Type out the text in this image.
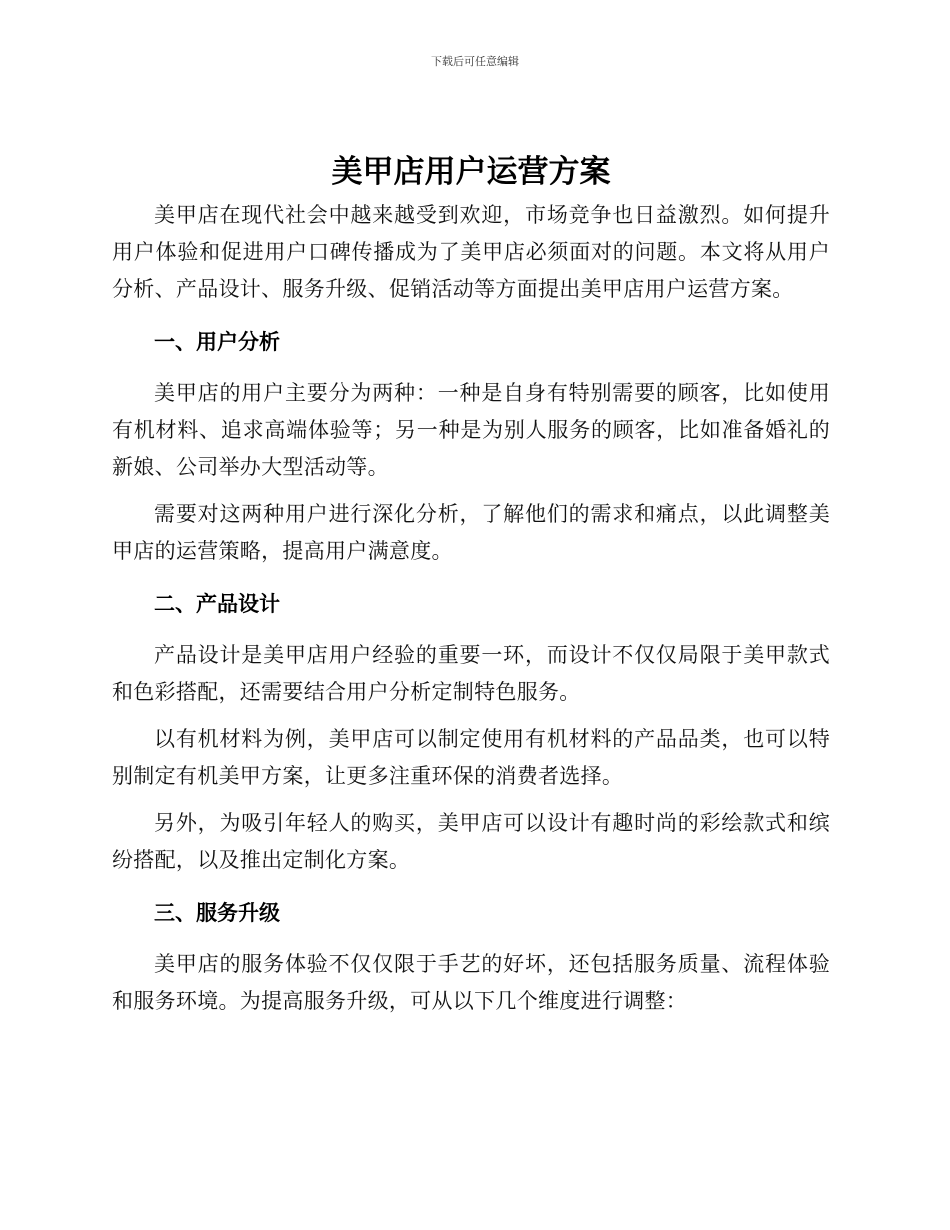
下载后可任意编辑
美甲店用户运营方案

美甲店在现代社会中越来越受到欢迎，市场竞争也日益激烈。如何提升用户体验和促进用户口碑传播成为了美甲店必须面对的问题。本文将从用户分析、产品设计、服务升级、促销活动等方面提出美甲店用户运营方案。

一、用户分析

美甲店的用户主要分为两种：一种是自身有特别需要的顾客，比如使用有机材料、追求高端体验等；另一种是为别人服务的顾客，比如准备婚礼的新娘、公司举办大型活动等。

需要对这两种用户进行深化分析，了解他们的需求和痛点，以此调整美甲店的运营策略，提高用户满意度。

二、产品设计

产品设计是美甲店用户经验的重要一环，而设计不仅仅局限于美甲款式和色彩搭配，还需要结合用户分析定制特色服务。

以有机材料为例，美甲店可以制定使用有机材料的产品品类，也可以特别制定有机美甲方案，让更多注重环保的消费者选择。

另外，为吸引年轻人的购买，美甲店可以设计有趣时尚的彩绘款式和缤纷搭配，以及推出定制化方案。

三、服务升级

美甲店的服务体验不仅仅限于手艺的好坏，还包括服务质量、流程体验和服务环境。为提高服务升级，可从以下几个维度进行调整：
